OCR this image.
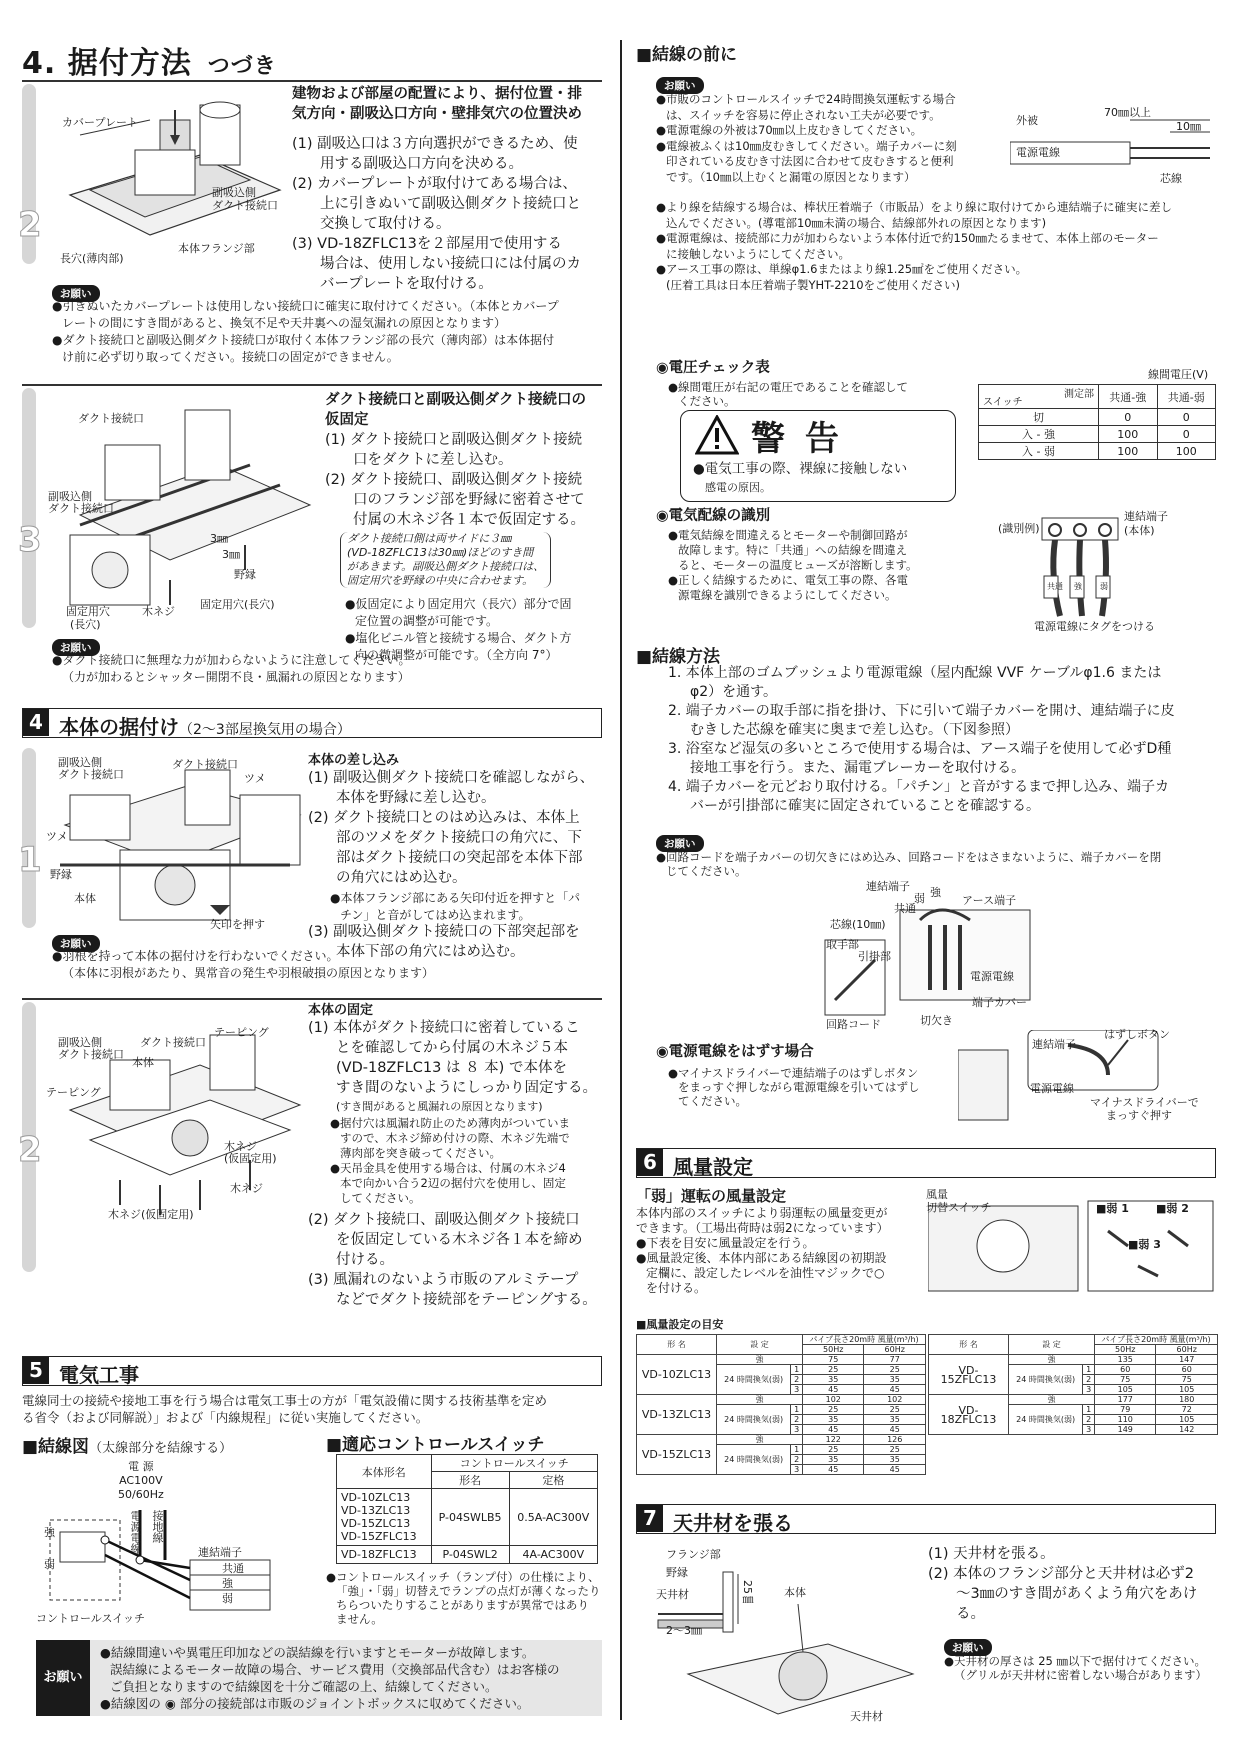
4. 据付方法 つづき
2
カバープレート
副吸込側
ダクト接続口
長穴(薄肉部)
本体フランジ部
建物および部屋の配置により、据付位置・排
気方向・副吸込口方向・壁排気穴の位置決め
(1) 副吸込口は３方向選択ができるため、使
用する副吸込口方向を決める。
(2) カバープレートが取付けてある場合は、
上に引きぬいて副吸込側ダクト接続口と
交換して取付ける。
(3) VD-18ZFLC13を２部屋用で使用する
場合は、使用しない接続口には付属のカ
バープレートを取付ける。
お願い
●引きぬいたカバープレートは使用しない接続口に確実に取付けてください。（本体とカバープ
レートの間にすき間があると、換気不足や天井裏への湿気漏れの原因となります）
●ダクト接続口と副吸込側ダクト接続口が取付く本体フランジ部の長穴（薄肉部）は本体据付
け前に必ず切り取ってください。接続口の固定ができません。
3
ダクト接続口
副吸込側
ダクト接続口
3㎜
3㎜
野縁
固定用穴
(長穴)
木ネジ
固定用穴(長穴)
ダクト接続口と副吸込側ダクト接続口の
仮固定
(1) ダクト接続口と副吸込側ダクト接続
口をダクトに差し込む。
(2) ダクト接続口、副吸込側ダクト接続
口のフランジ部を野縁に密着させて
付属の木ネジ各１本で仮固定する。
ダクト接続口側は両サイドに３㎜
(VD-18ZFLC13は30㎜)ほどのすき間
があきます。副吸込側ダクト接続口は、
固定用穴を野縁の中央に合わせます。
●仮固定により固定用穴（長穴）部分で固
定位置の調整が可能です。
●塩化ビニル管と接続する場合、ダクト方
向の微調整が可能です。（全方向 7°）
お願い
●ダクト接続口に無理な力が加わらないように注意してください。
（力が加わるとシャッター開閉不良・風漏れの原因となります）
4 本体の据付け（2～3部屋換気用の場合）
1
副吸込側
ダクト接続口
ダクト接続口
ツメ
ツメ
野縁
本体
矢印を押す
本体の差し込み
(1) 副吸込側ダクト接続口を確認しながら、
本体を野縁に差し込む。
(2) ダクト接続口とのはめ込みは、本体上
部のツメをダクト接続口の角穴に、下
部はダクト接続口の突起部を本体下部
の角穴にはめ込む。
●本体フランジ部にある矢印付近を押すと「パ
チン」と音がしてはめ込まれます。
(3) 副吸込側ダクト接続口の下部突起部を
本体下部の角穴にはめ込む。
お願い
●羽根を持って本体の据付けを行わないでください。
（本体に羽根があたり、異常音の発生や羽根破損の原因となります）
2
テーピング
副吸込側
ダクト接続口
ダクト接続口
本体
テーピング
木ネジ
(仮固定用)
木ネジ
木ネジ(仮固定用)
本体の固定
(1) 本体がダクト接続口に密着しているこ
とを確認してから付属の木ネジ５本
(VD-18ZFLC13 は ８ 本) で本体を
すき間のないようにしっかり固定する。
(すき間があると風漏れの原因となります)
●据付穴は風漏れ防止のため薄肉がついていま
すので、木ネジ締め付けの際、木ネジ先端で
薄肉部を突き破ってください。
●天吊金具を使用する場合は、付属の木ネジ4
本で向かい合う2辺の据付穴を使用し、固定
してください。
(2) ダクト接続口、副吸込側ダクト接続口
を仮固定している木ネジ各１本を締め
付ける。
(3) 風漏れのないよう市販のアルミテープ
などでダクト接続部をテーピングする。
5 電気工事
電線同士の接続や接地工事を行う場合は電気工事士の方が「電気設備に関する技術基準を定め
る省令（および同解説）」および「内線規程」に従い実施してください。
■結線図（太線部分を結線する）
電 源
AC100V
50/60Hz
電源電線 接地線
強
弱
連結端子
共通
強
弱
コントロールスイッチ
■適応コントロールスイッチ
本体形名	コントロールスイッチ	
	形名	定格

VD-10ZLC13
VD-13ZLC13
VD-15ZLC13
VD-15ZFLC13	P-04SWLB5	0.5A-AC300V
VD-18ZFLC13	P-04SWL2	4A-AC300V
●コントロールスイッチ（ランプ付）の仕様により、
「強」・「弱」切替えでランプの点灯が薄くなったり
ちらついたりすることがありますが異常ではあり
ません。
お願い
●結線間違いや異電圧印加などの誤結線を行いますとモーターが故障します。
誤結線によるモーター故障の場合、サービス費用（交換部品代含む）はお客様の
ご負担となりますので結線図を十分ご確認の上、結線してください。
●結線図の ◉ 部分の接続部は市販のジョイントボックスに収めてください。
■結線の前に
お願い
●市販のコントロールスイッチで24時間換気運転する場合
は、スイッチを容易に停止されない工夫が必要です。
●電源電線の外被は70㎜以上皮むきしてください。
●電線被ふくは10㎜皮むきしてください。端子カバーに刻
印されている皮むき寸法図に合わせて皮むきすると便利
です。（10㎜以上むくと漏電の原因となります）
●より線を結線する場合は、棒状圧着端子（市販品）をより線に取付けてから連結端子に確実に差し
込んでください。(導電部10㎜未満の場合、結線部外れの原因となります)
●電源電線は、接続部に力が加わらないよう本体付近で約150㎜たるませて、本体上部のモーター
に接触しないようにしてください。
●アース工事の際は、単線φ1.6またはより線1.25㎟をご使用ください。
(圧着工具は日本圧着端子製YHT-2210をご使用ください)
外被
70㎜以上
10㎜
電源電線
芯線
◉電圧チェック表
●線間電圧が右記の電圧であることを確認して
ください。
線間電圧(V)
測定部
スイッチ	共通-強	共通-弱
切	0	0
入 - 強	100	0
入 - 弱	100	100
警 告
●電気工事の際、裸線に接触しない
感電の原因。
◉電気配線の識別
●電気結線を間違えるとモーターや制御回路が
故障します。特に「共通」への結線を間違え
ると、モーターの温度ヒューズが溶断します。
●正しく結線するために、電気工事の際、各電
源電線を識別できるようにしてください。
(識別例)
連結端子
(本体)
共通 強 弱
電源電線にタグをつける
■結線方法
1. 本体上部のゴムブッシュより電源電線（屋内配線 VVF ケーブルφ1.6 または
φ2）を通す。
2. 端子カバーの取手部に指を掛け、下に引いて端子カバーを開け、連結端子に皮
むきした芯線を確実に奥まで差し込む。（下図参照）
3. 浴室など湿気の多いところで使用する場合は、アース端子を使用して必ずD種
接地工事を行う。また、漏電ブレーカーを取付ける。
4. 端子カバーを元どおり取付ける。「パチン」と音がするまで押し込み、端子カ
バーが引掛部に確実に固定されていることを確認する。
お願い
●回路コードを端子カバーの切欠きにはめ込み、回路コードをはさまないように、端子カバーを閉
じてください。
連結端子
弱 強
共通
アース端子
芯線(10㎜)
取手部
引掛部
電源電線
端子カバー
回路コード	切欠き
◉電源電線をはずす場合
●マイナスドライバーで連結端子のはずしボタン
をまっすぐ押しながら電源電線を引いてはずし
てください。
連結端子
はずしボタン
電源電線
マイナスドライバーで
まっすぐ押す
6 風量設定
「弱」運転の風量設定
本体内部のスイッチにより弱運転の風量変更が
できます。（工場出荷時は弱2になっています）
●下表を目安に風量設定を行う。
●風量設定後、本体内部にある結線図の初期設
定欄に、設定したレベルを油性マジックで○
を付ける。
風量
切替スイッチ	■弱 1 ■弱 2
■弱 3
■風量設定の目安
形 名	設 定		パイプ長さ20m時 風量(m³/h)	
			50Hz	60Hz
VD-10ZLC13	強		75	77
	24 時間換気(弱)	1	25	25
		2	35	35
		3	45	45
VD-13ZLC13	強		102	102
	24 時間換気(弱)	1	25	25
		2	35	35
		3	45	45
VD-15ZLC13	強		122	126
	24 時間換気(弱)	1	25	25
		2	35	35
		3	45	45
形 名	設 定		パイプ長さ20m時 風量(m³/h)	
			50Hz	60Hz
VD-15ZFLC13	強		135	147
	24 時間換気(弱)	1	60	60
		2	75	75
		3	105	105
VD-18ZFLC13	強		177	180
	24 時間換気(弱)	1	79	72
		2	110	105
		3	149	142
7 天井材を張る
フランジ部
野縁
天井材	25㎜
2～3㎜
本体
天井材
(1) 天井材を張る。
(2) 本体のフランジ部分と天井材は必ず2
～3㎜のすき間があくよう角穴をあけ
る。
お願い
●天井材の厚さは 25 ㎜以下で据付けてください。
（グリルが天井材に密着しない場合があります）
